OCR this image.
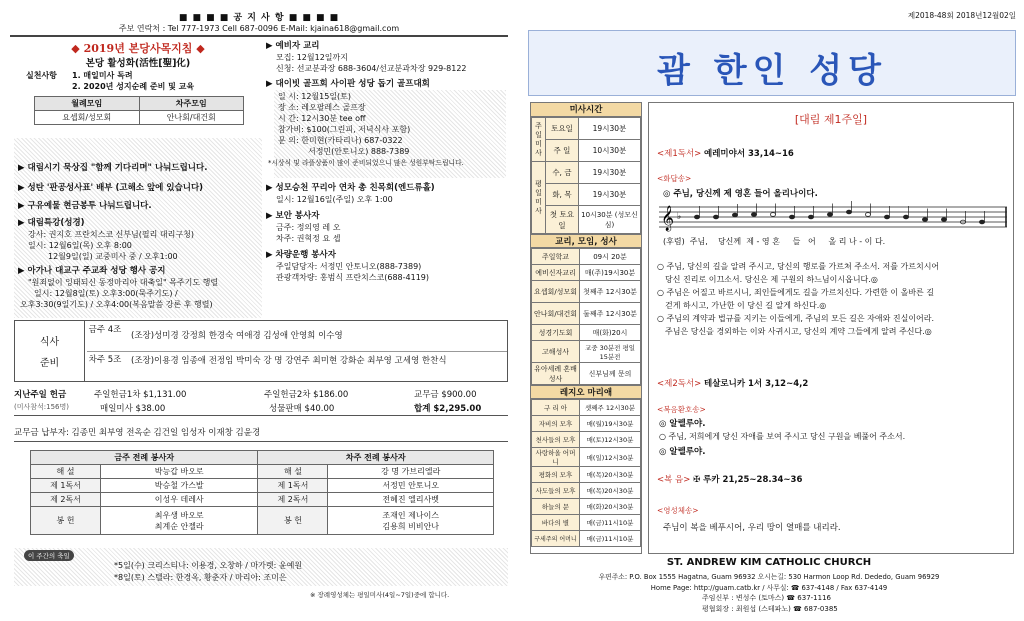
■ ■ ■ ■ 공 지 사 항 ■ ■ ■ ■
주보 연락처 : Tel 777-1973 Cell 687-0096 E-Mail: kjaina618@gmail.com
◆ 2019년 본당사목지침 ◆
본당 활성화(活性[聖]化)
실천사항 1. 매일미사 독려
2. 2020년 성지순례 준비 및 교육
월례모임	차주모임
요셉회/성모회	안나회/대건회
▶ 대림시기 묵상집 "함께 기다리며" 나눠드립니다.
▶ 성탄 '판공성사표' 배부 (고해소 앞에 있습니다)
▶ 구유예물 현금봉투 나눠드립니다.
▶ 대림특강(성경)
강사: 권지호 프란치스코 신부님(필리 대리구청)
일시: 12월6일(목) 오후 8:00
12월9일(일) 교중미사 중 / 오후1:00
▶ 아가나 대교구 주교좌 성당 행사 공지
"원죄없이 잉태되신 동정마리아 대축일" 목주기도 행렬
일시: 12월8일(토) 오후3:00(묵주기도) /
오후3:30(9일기도) / 오후4:00(복음말씀 강론 후 행렬)
▶ 예비자 교리
모집: 12월12일까지
신청: 선교분과장 688-3604/선교분과차장 929-8122
▶ 대이빗 골프회 사이판 성당 돕기 골프대회
일 시: 12월15일(토)
장 소: 레오팔레스 골프장
시 간: 12시30분 tee off
참가비: $100(그린피, 저녁식사 포함)
문 의: 한미현(카타리나) 687-0322
서정민(안토니오) 888-7389
*시상식 및 라플상품이 많이 준비되었으니 많은 성원부탁드립니다.
▶ 성모승천 꾸리아 연차 총 친목회(엔드류홀)
일시: 12월16일(주일) 오후 1:00
▶ 보안 봉사자
금주: 정의영 레 오
차주: 권혁정 요 셉
▶ 차량운행 봉사자
주일담당자: 서정민 안토니오(888-7389)
관광객차량: 홍범식 프란치스코(688-4119)
식사
준비
금주 4조
(조장)성미경 강정희 한경숙 여애경 김성애 안영희 이수영
차주 5조 (조장)이용경 임종애 전정임 박미숙 강 명 강연주 최미현 강화순 최부영 고세영 한찬식
지난주일 헌금
(미사참석:156명)
주일헌금1차 $1,131.00	주일헌금2차 $186.00	교무금 $900.00
매일미사 $38.00	성물판매 $40.00	합계 $2,295.00
교무금 납부자: 김종민 최부영 전옥순 김건일 임성자 이재창 김윤경
금주 전례 봉사자		차주 전례 봉사자	
해 설	박능갑 바오로	해 설	강 명 가브리엘라
제 1독서	박승철 가스발	제 1독서	서정민 안토니오
제 2독서	이성우 데레사	제 2독서	전혜진 엘리사벳
봉 헌	최우생 바오로 최계순 안젤라	봉 헌	조재인 제나이스 김용희 비비안나
이 주간의 축일
*5일(수) 크리스티나: 이용경, 오창하 / 마가렛: 윤예원
*8일(토) 스텔라: 한경옥, 황춘자 / 마리아: 조미은
※ 장례영성체는 평일미사(4일~7일)중에 합니다.
제2018-48회 2018년12월02일
괌 한인 성당
미사시간
주일미사	토요일	19시30분
	주 일	10시30분
평일미사	수, 금	19시30분
	화, 목	19시30분
	첫 토요일	10시30분 (성모신심)
교리, 모임, 성사
주일학교	09시 20분
예비신자교리	매(주)19시30분
요셉회/성모회	첫째주 12시30분
안나회/대건회	둘째주 12시30분
성경기도회	매(화)20시
고해성사	교중 30분전 평일 15분전
유아세례 혼배성사	신부님께 문의
레지오 마리애
구 리 아	셋째주 12시30분
자비의 모후	매(월)19시30분
천사들의 모후	매(토)12시30분
사랑하올 어머니	매(일)12시30분
평화의 모후	매(목)20시30분
사도들의 모후	매(목)20시30분
하늘의 문	매(화)20시30분
바다의 별	매(금)11시10분
구세주의 어머니	매(금)11시10분
[대림 제1주일]
<제1독서> 예레미야서 33,14~16
<화답송>
◎ 주님, 당신께 제 영혼 들어 올리나이다.
𝄞 ♭
(후렴)  주님,    당신께  제 - 영 혼     들   어     올 리 나 - 이 다.
○ 주님, 당신의 길을 알려 주시고, 당신의 행로를 가르쳐 주소서. 저를 가르치시어
당신 진리로 이끄소서. 당신은 제 구원의 하느님이시옵니다.◎
○ 주님은 어질고 바르시니, 죄인들에게도 길을 가르치신다. 가련한 이 올바른 길
걷게 하시고, 가난한 이 당신 길 알게 하신다.◎
○ 주님의 계약과 법규를 지키는 이들에게, 주님의 모든 길은 자애와 진실이어라.
주님은 당신을 경외하는 이와 사귀시고, 당신의 계약 그들에게 알려 주신다.◎
<제2독서> 테살로니카 1서 3,12~4,2
<복음환호송>
◎ 알렐루야.
○ 주님, 저희에게 당신 자애를 보여 주시고 당신 구원을 베풀어 주소서.
◎ 알렐루야.
<복 음> ✠ 루카 21,25~28.34~36
<영성체송>
주님이 복을 베푸시어, 우리 땅이 열매를 내리라.
ST. ANDREW KIM CATHOLIC CHURCH
우편주소: P.O. Box 1555 Hagatna, Guam 96932 오시는길: 530 Harmon Loop Rd. Dededo, Guam 96929
Home Page: http://guam.catb.kr / 사무실: ☎ 637-4148 / Fax 637-4149
주임신부 : 변성수 (토마스) ☎ 637-1116
평협회장 : 최원섭 (스테파노) ☎ 687-0385
